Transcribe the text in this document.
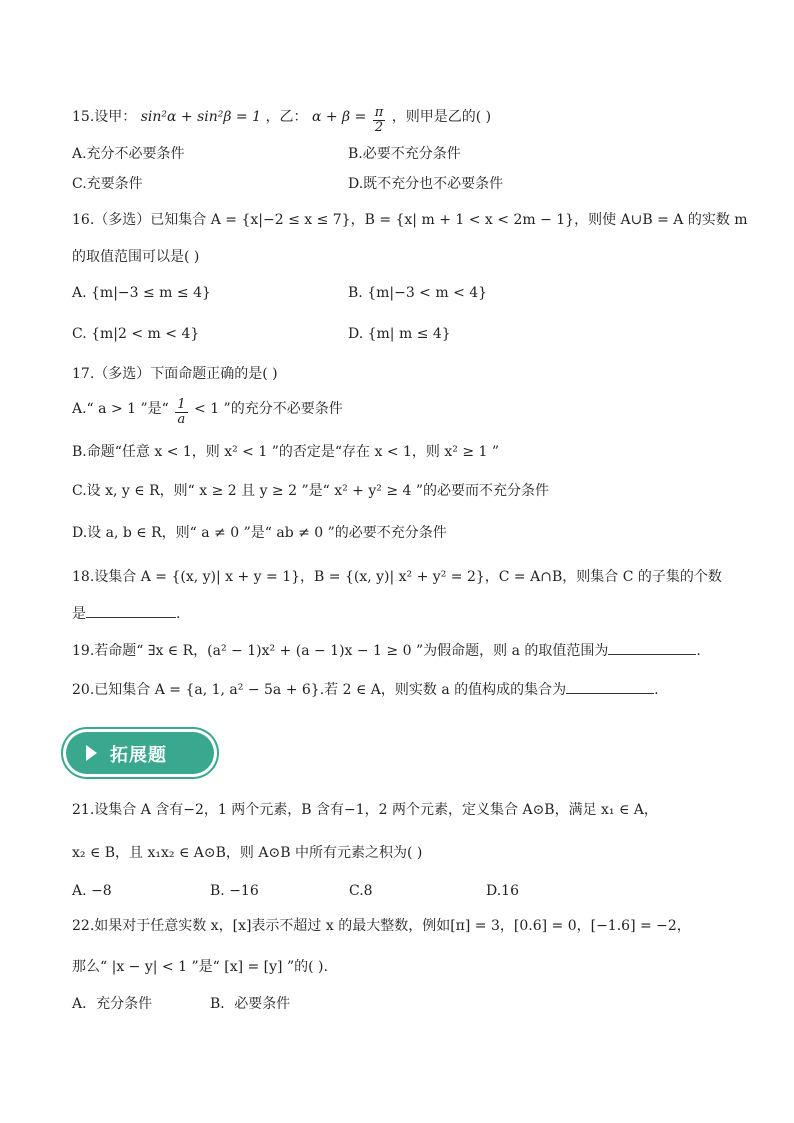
15.设甲： sin²α + sin²β = 1 ，乙： $\alpha + \beta = \frac{\pi}{2}$ ，则甲是乙的( )
A.充分不必要条件	B.必要不充分条件
C.充要条件	D.既不充分也不必要条件
16.（多选）已知集合 A = {x|−2 ≤ x ≤ 7}，B = {x| m + 1 < x < 2m − 1}，则使 A∪B = A 的实数 m
的取值范围可以是( )
A. {m|−3 ≤ m ≤ 4}	B. {m|−3 < m < 4}
C. {m|2 < m < 4}	D. {m| m ≤ 4}
17.（多选）下面命题正确的是( )
A.“ a > 1 ”是“ $\frac{1}{a} < 1$ ”的充分不必要条件
B.命题“任意 x < 1，则 x² < 1 ”的否定是“存在 x < 1，则 x² ≥ 1 ”
C.设 x, y ∈ R，则“ x ≥ 2 且 y ≥ 2 ”是“ x² + y² ≥ 4 ”的必要而不充分条件
D.设 a, b ∈ R，则“ a ≠ 0 ”是“ ab ≠ 0 ”的必要不充分条件
18.设集合 A = {(x, y)| x + y = 1}，B = {(x, y)| x² + y² = 2}，C = A∩B，则集合 C 的子集的个数
是	.
19.若命题“ ∃x ∈ R，(a² − 1)x² + (a − 1)x − 1 ≥ 0 ”为假命题，则 a 的取值范围为	.
20.已知集合 A = {a, 1, a² − 5a + 6}.若 2 ∈ A，则实数 a 的值构成的集合为	.
拓展题
21.设集合 A 含有−2，1 两个元素，B 含有−1，2 两个元素，定义集合 A⊙B，满足 x₁ ∈ A，
x₂ ∈ B，且 x₁x₂ ∈ A⊙B，则 A⊙B 中所有元素之积为( )
A. −8	B. −16	C.8	D.16
22.如果对于任意实数 x，[x]表示不超过 x 的最大整数，例如[π] = 3，[0.6] = 0，[−1.6] = −2，
那么“ |x − y| < 1 ”是“ [x] = [y] ”的( ).
A．充分条件	B．必要条件
